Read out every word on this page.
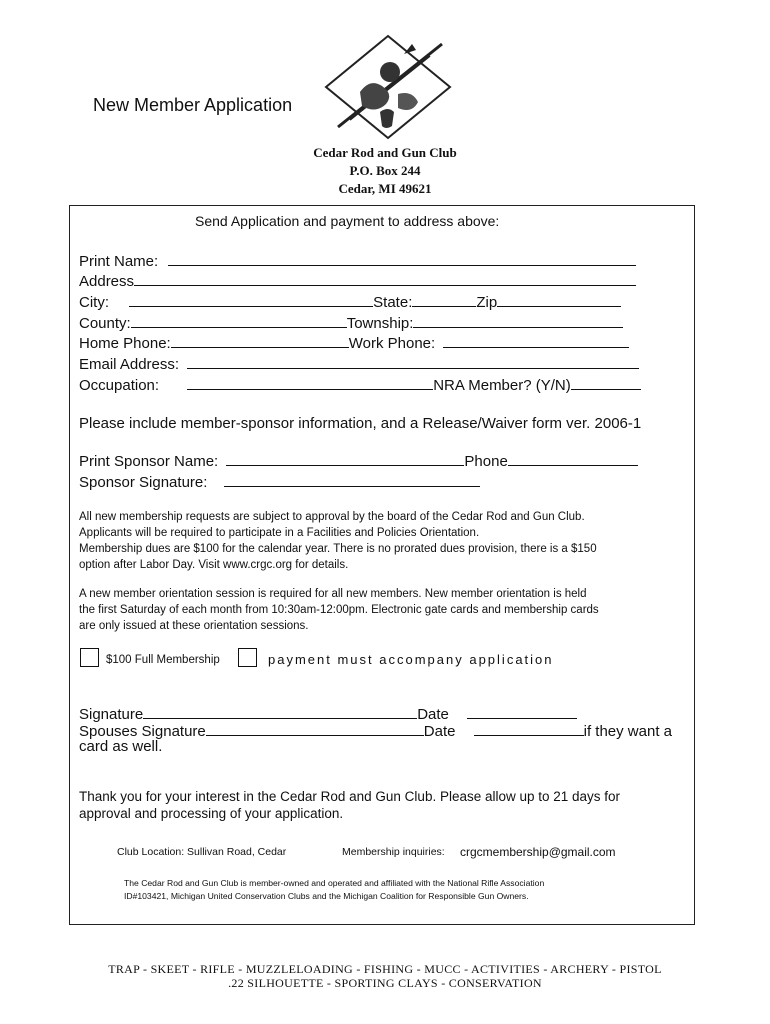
New Member Application
Cedar Rod and Gun Club
P.O. Box 244
Cedar, MI 49621
Send Application and payment to address above:
Print Name:
Address
City:	State:	Zip
County:	Township:
Home Phone:	Work Phone:
Email Address:
Occupation:	NRA Member? (Y/N)
Please include member-sponsor information, and a Release/Waiver form ver. 2006-1
Print Sponsor Name:	Phone
Sponsor Signature:
All new membership requests are subject to approval by the board of the Cedar Rod and Gun Club.
Applicants will be required to participate in a Facilities and Policies Orientation.
Membership dues are $100 for the calendar year. There is no prorated dues provision, there is a $150
option after Labor Day. Visit www.crgc.org for details.
A new member orientation session is required for all new members. New member orientation is held
the first Saturday of each month from 10:30am-12:00pm. Electronic gate cards and membership cards
are only issued at these orientation sessions.
$100 Full Membership	payment must accompany application
Signature	Date
Spouses Signature	Date	if they want a
card as well.
Thank you for your interest in the Cedar Rod and Gun Club. Please allow up to 21 days for
approval and processing of your application.
Club Location: Sullivan Road, Cedar	Membership inquiries: crgcmembership@gmail.com
The Cedar Rod and Gun Club is member-owned and operated and affiliated with the National Rifle Association
ID#103421, Michigan United Conservation Clubs and the Michigan Coalition for Responsible Gun Owners.
TRAP - SKEET - RIFLE - MUZZLELOADING - FISHING - MUCC - ACTIVITIES - ARCHERY - PISTOL
.22 SILHOUETTE - SPORTING CLAYS - CONSERVATION
